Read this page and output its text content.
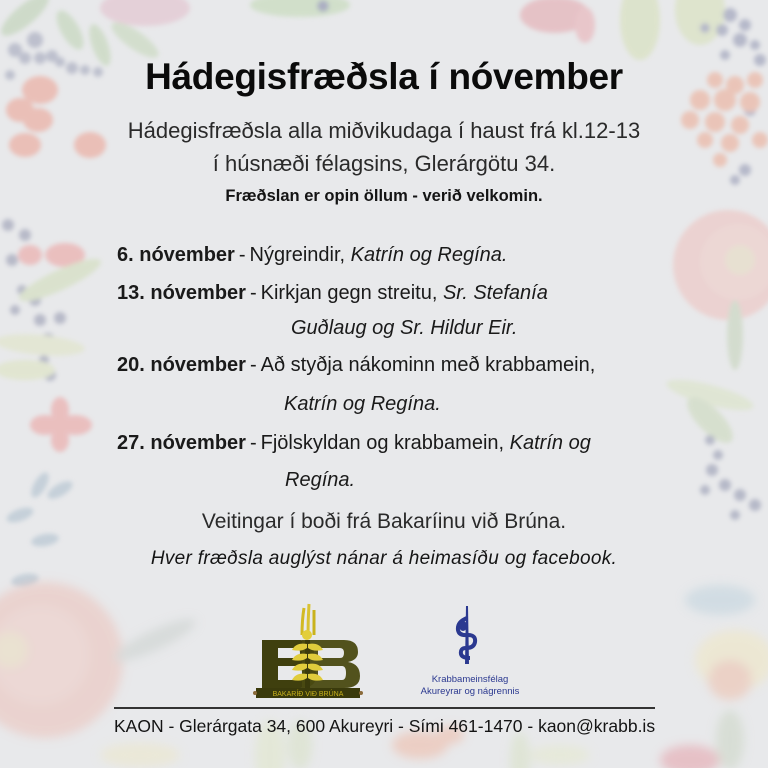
Hádegisfræðsla í nóvember
Hádegisfræðsla alla miðvikudaga í haust frá kl.12-13
í húsnæði félagsins, Glerárgötu 34.
Fræðslan er opin öllum - verið velkomin.
6. nóvember - Nýgreindir, Katrín og Regína.
13. nóvember - Kirkjan gegn streitu, Sr. Stefanía
Guðlaug og Sr. Hildur Eir.
20. nóvember - Að styðja nákominn með krabbamein,
Katrín og Regína.
27. nóvember - Fjölskyldan og krabbamein, Katrín og
Regína.
Veitingar í boði frá Bakaríinu við Brúna.
Hver fræðsla auglýst nánar á heimasíðu og facebook.
BAKARÍÐ VIÐ BRÚNA
Krabbameinsfélag
Akureyrar og nágrennis
KAON - Glerárgata 34, 600 Akureyri - Sími 461-1470 - kaon@krabb.is
